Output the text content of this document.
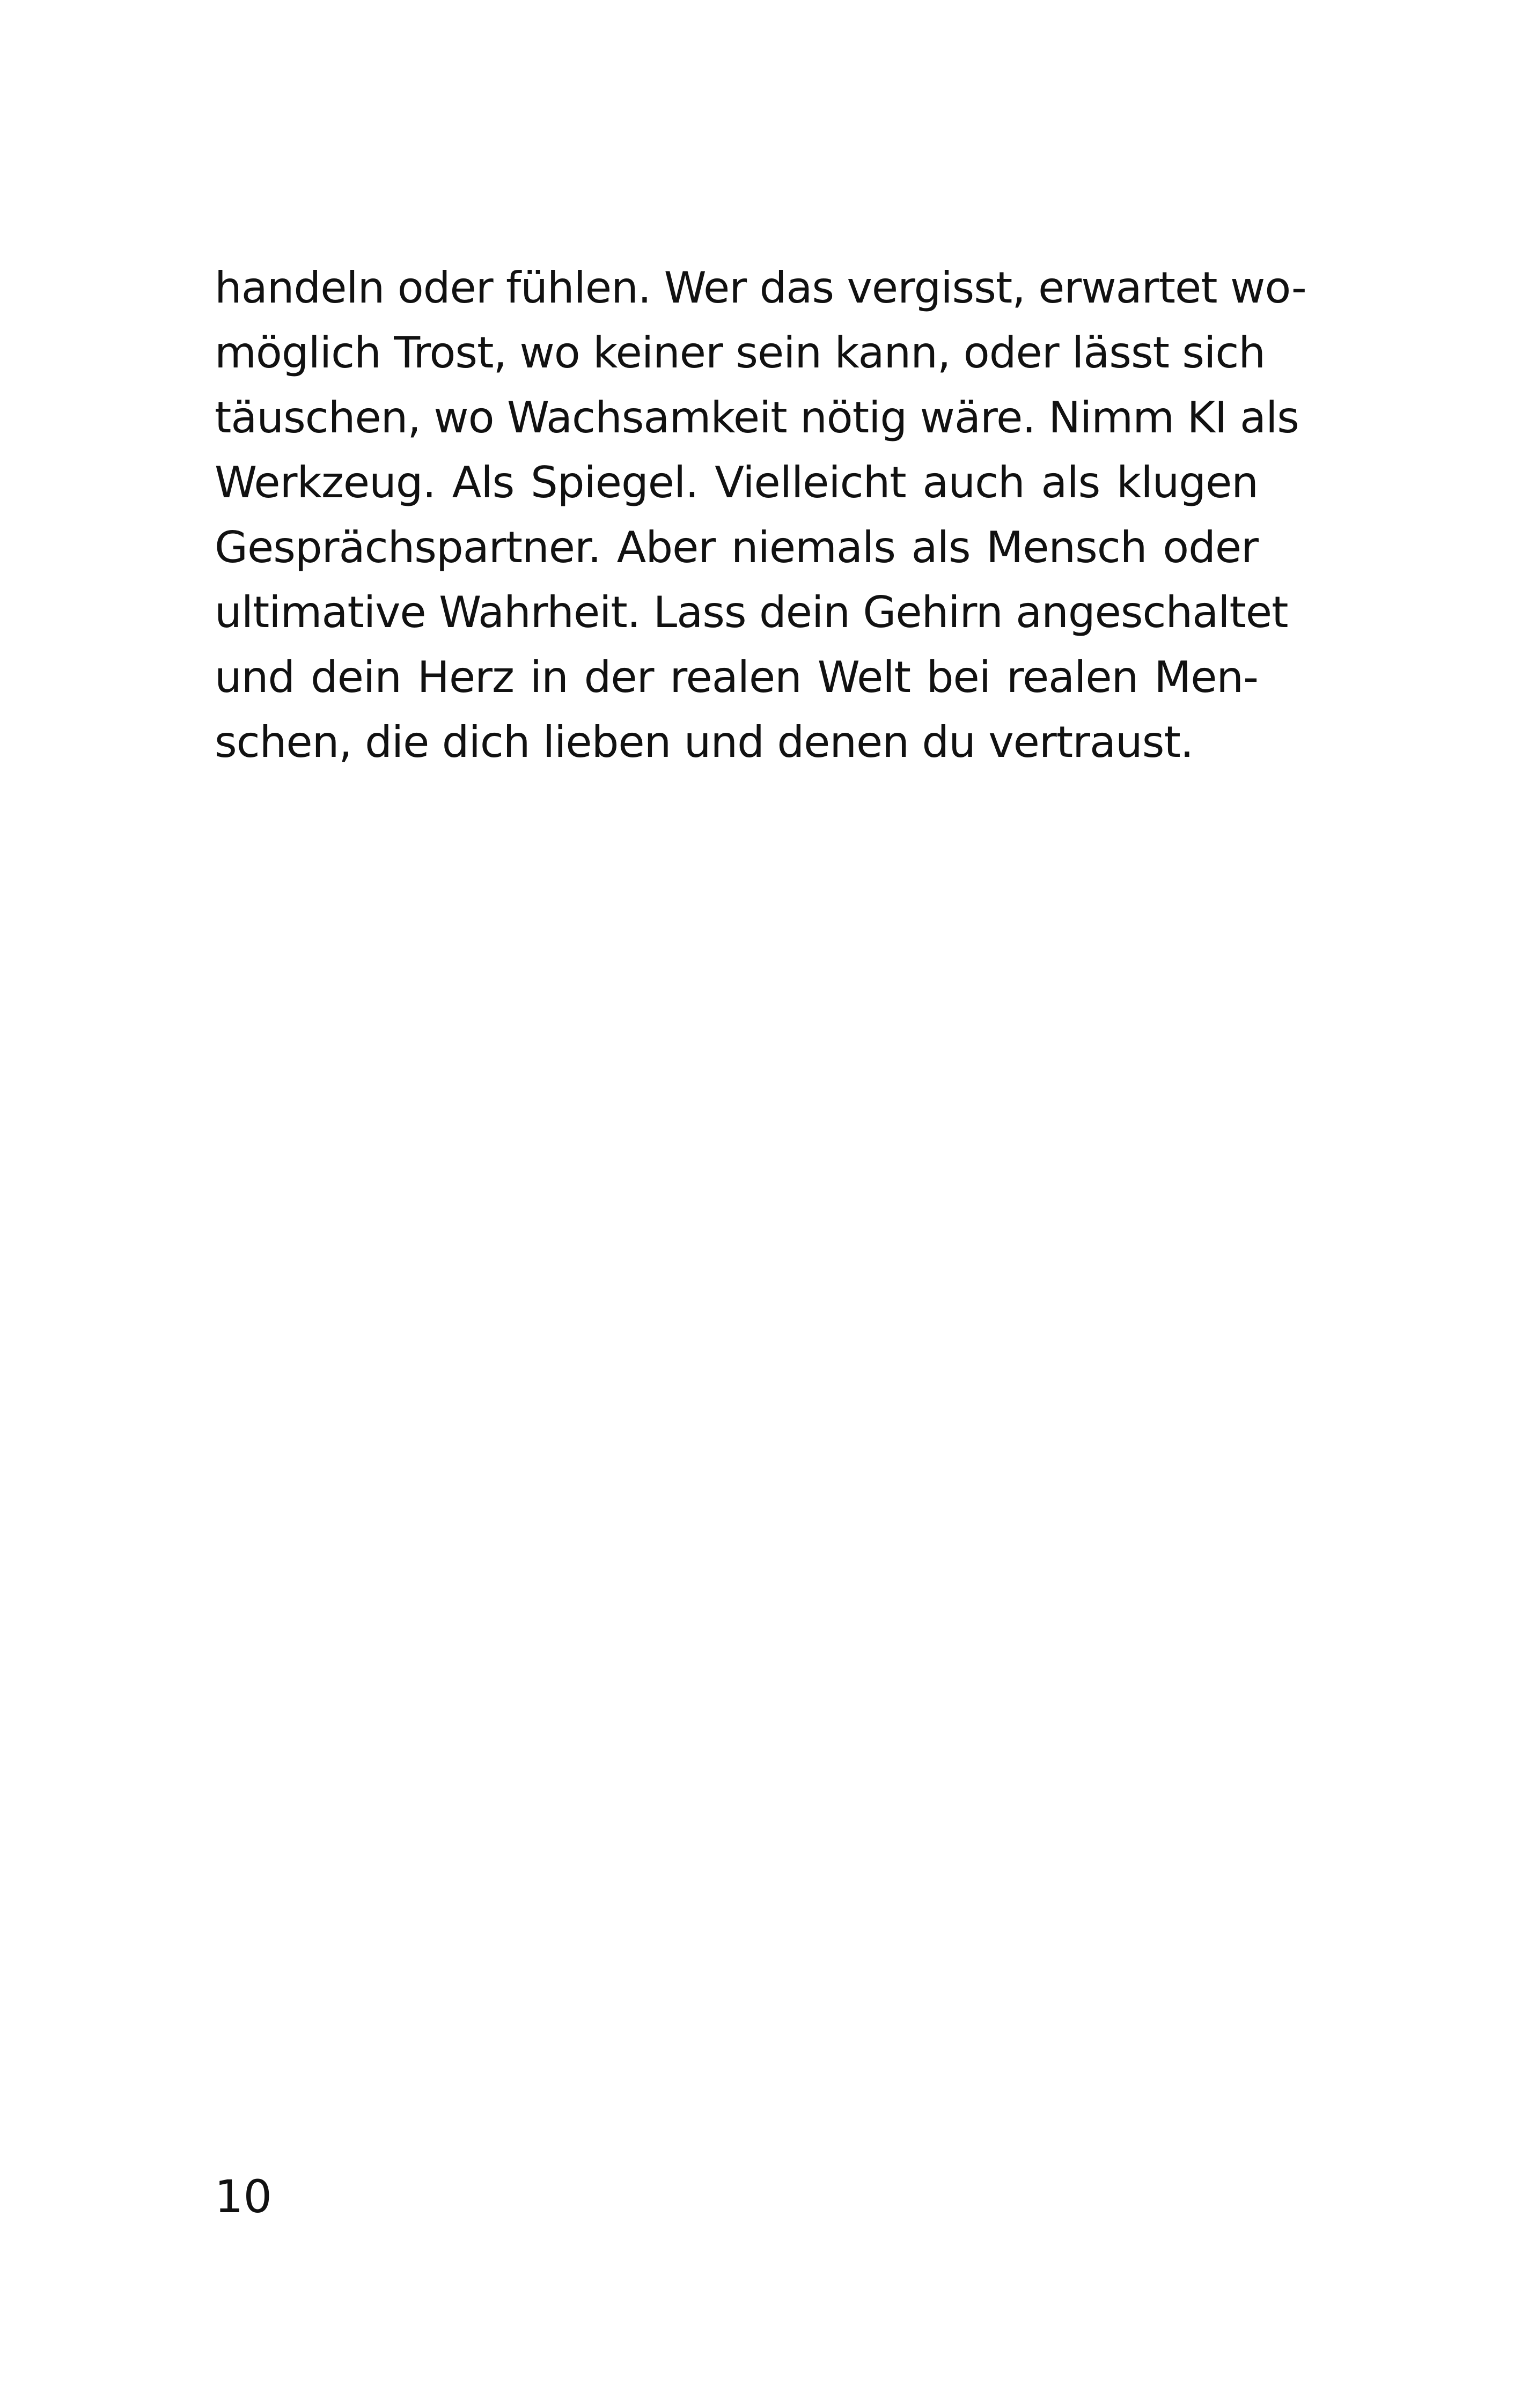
handeln oder fühlen. Wer das vergisst, erwartet wo-
möglich Trost, wo keiner sein kann, oder lässt sich
täuschen, wo Wachsamkeit nötig wäre. Nimm KI als
Werkzeug. Als Spiegel. Vielleicht auch als klugen
Gesprächspartner. Aber niemals als Mensch oder
ultimative Wahrheit. Lass dein Gehirn angeschaltet
und dein Herz in der realen Welt bei realen Men-
schen, die dich lieben und denen du vertraust.
10
